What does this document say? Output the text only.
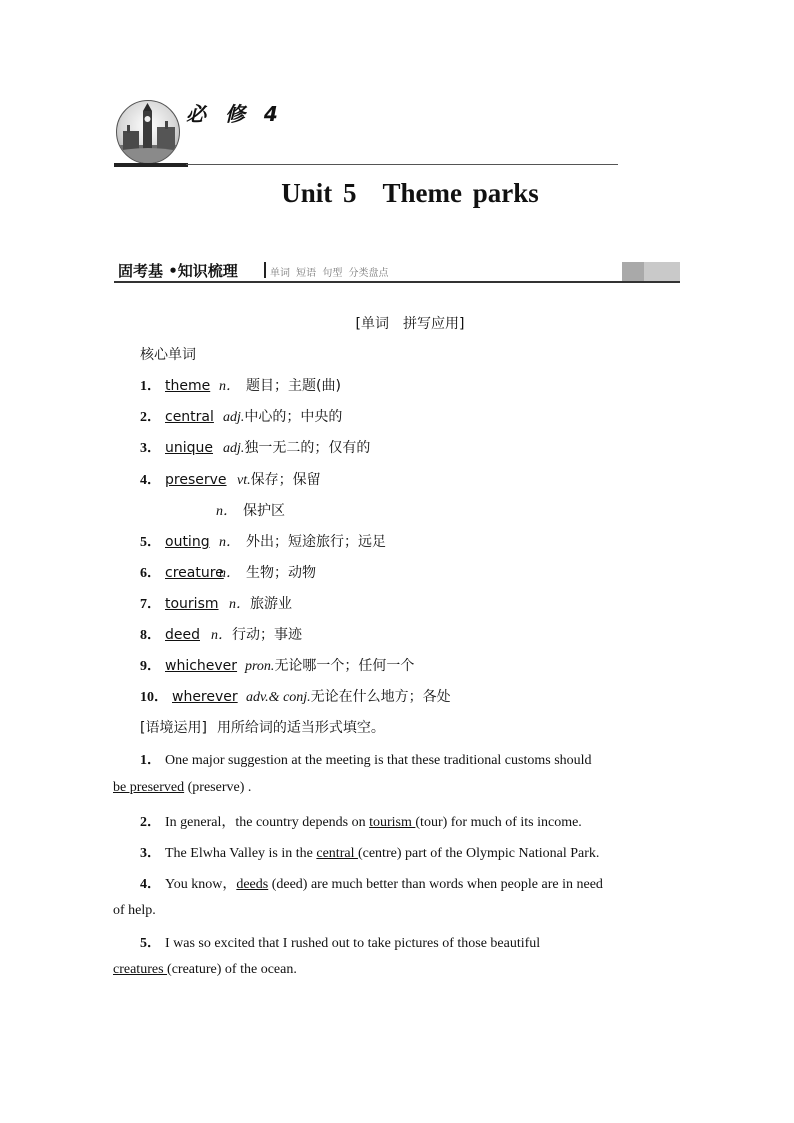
必 修 4
Unit 5 Theme parks
固考基 •知识梳理	单词 短语 句型 分类盘点
[单词　拼写应用]
核心单词
1． theme n． 题目；主题(曲)
2． central adj.中心的；中央的
3． unique adj.独一无二的；仅有的
4． preserve vt.保存；保留
n． 保护区
5． outing n． 外出；短途旅行；远足
6． creaturen． 生物；动物
7． tourism n．旅游业
8． deed n．行动；事迹
9． whichever pron.无论哪一个；任何一个
10． wherever adv.& conj.无论在什么地方；各处
[语境运用] 用所给词的适当形式填空。
1． One major suggestion at the meeting is that these traditional customs should
be preserved (preserve) .
2． In general，the country depends on tourism (tour) for much of its income.
3． The Elwha Valley is in the central (centre) part of the Olympic National Park.
4． You know，deeds (deed) are much better than words when people are in need
of help.
5． I was so excited that I rushed out to take pictures of those beautiful
creatures (creature) of the ocean.
